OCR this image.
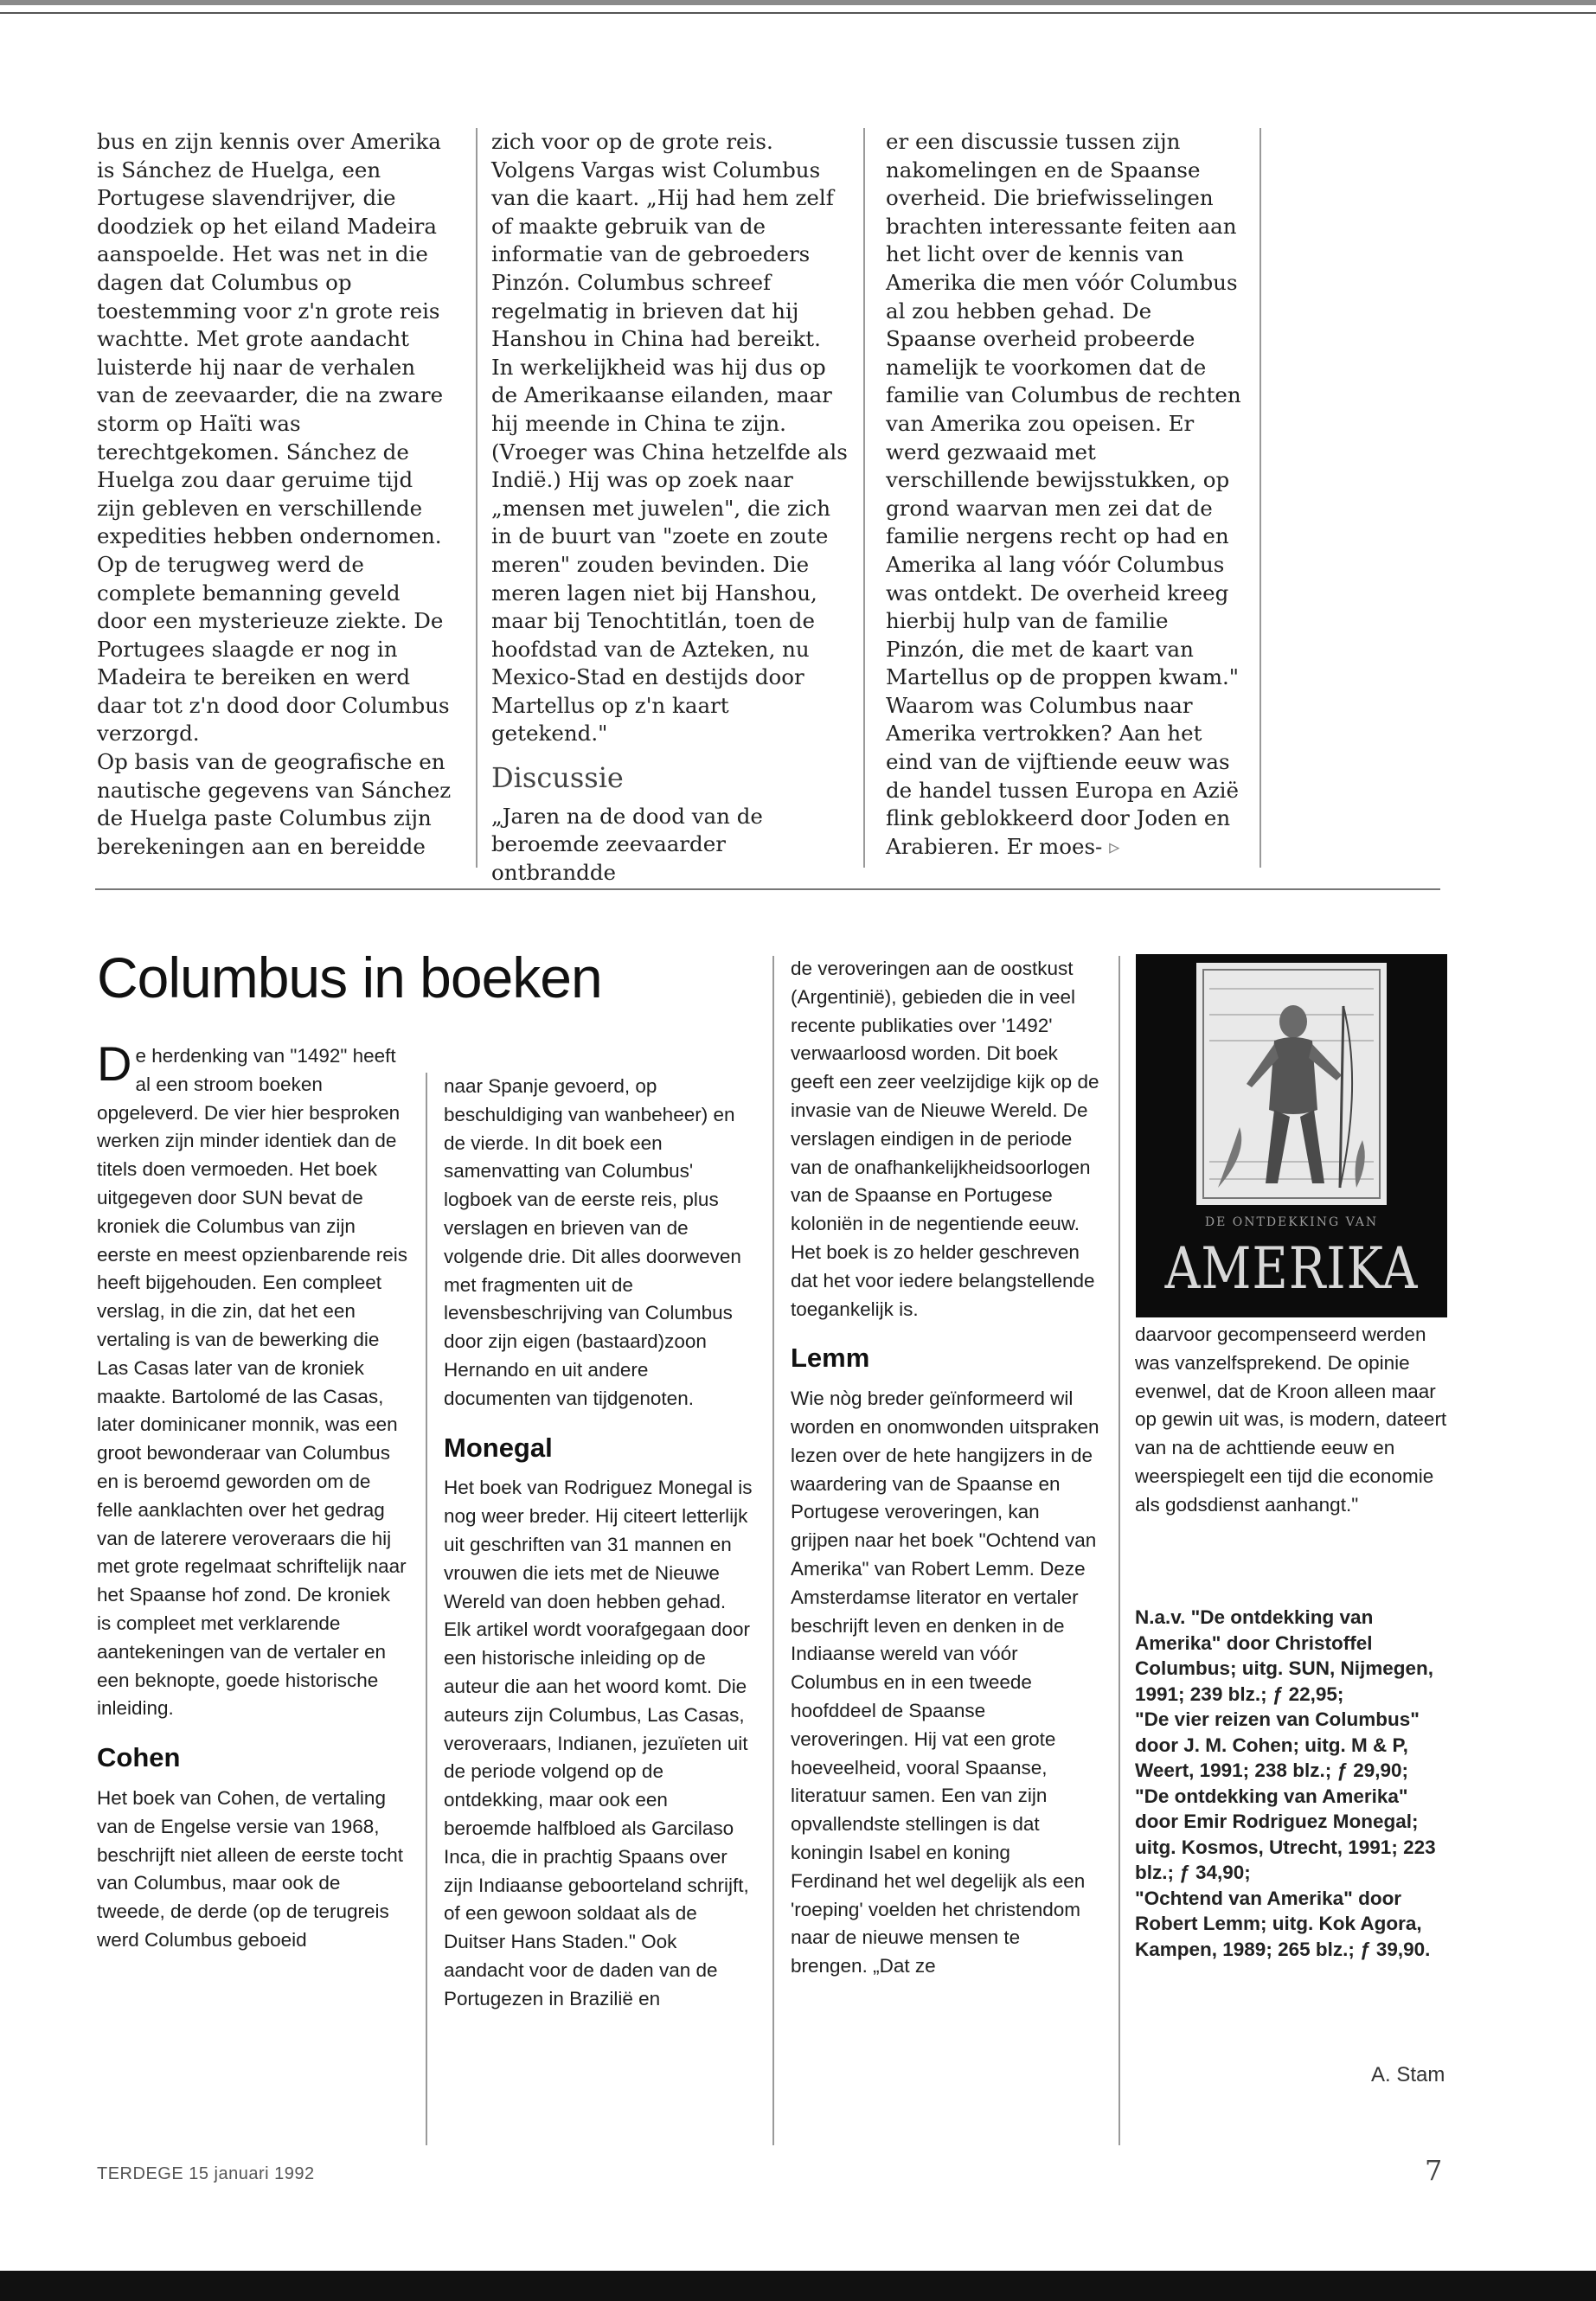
bus en zijn kennis over Amerika is Sánchez de Huelga, een Portugese slavendrijver, die doodziek op het eiland Madeira aanspoelde. Het was net in die dagen dat Columbus op toestemming voor z'n grote reis wachtte. Met grote aandacht luisterde hij naar de verhalen van de zeevaarder, die na zware storm op Haïti was terechtgekomen. Sánchez de Huelga zou daar geruime tijd zijn gebleven en verschillende expedities hebben ondernomen. Op de terugweg werd de complete bemanning geveld door een mysterieuze ziekte. De Portugees slaagde er nog in Madeira te bereiken en werd daar tot z'n dood door Columbus verzorgd.

Op basis van de geografische en nautische gegevens van Sánchez de Huelga paste Columbus zijn berekeningen aan en bereidde

zich voor op de grote reis. Volgens Vargas wist Columbus van die kaart. „Hij had hem zelf of maakte gebruik van de informatie van de gebroeders Pinzón. Columbus schreef regelmatig in brieven dat hij Hanshou in China had bereikt. In werkelijkheid was hij dus op de Amerikaanse eilanden, maar hij meende in China te zijn. (Vroeger was China hetzelfde als Indië.) Hij was op zoek naar „mensen met juwelen", die zich in de buurt van "zoete en zoute meren" zouden bevinden. Die meren lagen niet bij Hanshou, maar bij Tenochtitlán, toen de hoofdstad van de Azteken, nu Mexico-Stad en destijds door Martellus op z'n kaart getekend."

Discussie

„Jaren na de dood van de beroemde zeevaarder ontbrandde

er een discussie tussen zijn nakomelingen en de Spaanse overheid. Die briefwisselingen brachten interessante feiten aan het licht over de kennis van Amerika die men vóór Columbus al zou hebben gehad. De Spaanse overheid probeerde namelijk te voorkomen dat de familie van Columbus de rechten van Amerika zou opeisen. Er werd gezwaaid met verschillende bewijsstukken, op grond waarvan men zei dat de familie nergens recht op had en Amerika al lang vóór Columbus was ontdekt. De overheid kreeg hierbij hulp van de familie Pinzón, die met de kaart van Martellus op de proppen kwam."

Waarom was Columbus naar Amerika vertrokken? Aan het eind van de vijftiende eeuw was de handel tussen Europa en Azië flink geblokkeerd door Joden en Arabieren. Er moes- ▹

Columbus in boeken

De herdenking van "1492" heeft al een stroom boeken opgeleverd. De vier hier besproken werken zijn minder identiek dan de titels doen vermoeden. Het boek uitgegeven door SUN bevat de kroniek die Columbus van zijn eerste en meest opzienbarende reis heeft bijgehouden. Een compleet verslag, in die zin, dat het een vertaling is van de bewerking die Las Casas later van de kroniek maakte. Bartolomé de las Casas, later dominicaner monnik, was een groot bewonderaar van Columbus en is beroemd geworden om de felle aanklachten over het gedrag van de laterere veroveraars die hij met grote regelmaat schriftelijk naar het Spaanse hof zond. De kroniek is compleet met verklarende aantekeningen van de vertaler en een beknopte, goede historische inleiding.

Cohen

Het boek van Cohen, de vertaling van de Engelse versie van 1968, beschrijft niet alleen de eerste tocht van Columbus, maar ook de tweede, de derde (op de terugreis werd Columbus geboeid

naar Spanje gevoerd, op beschuldiging van wanbeheer) en de vierde. In dit boek een samenvatting van Columbus' logboek van de eerste reis, plus verslagen en brieven van de volgende drie. Dit alles doorweven met fragmenten uit de levensbeschrijving van Columbus door zijn eigen (bastaard)zoon Hernando en uit andere documenten van tijdgenoten.

Monegal

Het boek van Rodriguez Monegal is nog weer breder. Hij citeert letterlijk uit geschriften van 31 mannen en vrouwen die iets met de Nieuwe Wereld van doen hebben gehad. Elk artikel wordt voorafgegaan door een historische inleiding op de auteur die aan het woord komt. Die auteurs zijn Columbus, Las Casas, veroveraars, Indianen, jezuïeten uit de periode volgend op de ontdekking, maar ook een beroemde halfbloed als Garcilaso Inca, die in prachtig Spaans over zijn Indiaanse geboorteland schrijft, of een gewoon soldaat als de Duitser Hans Staden." Ook aandacht voor de daden van de Portugezen in Brazilië en

de veroveringen aan de oostkust (Argentinië), gebieden die in veel recente publikaties over '1492' verwaarloosd worden. Dit boek geeft een zeer veelzijdige kijk op de invasie van de Nieuwe Wereld. De verslagen eindigen in de periode van de onafhankelijkheidsoorlogen van de Spaanse en Portugese koloniën in de negentiende eeuw. Het boek is zo helder geschreven dat het voor iedere belangstellende toegankelijk is.

Lemm

Wie nòg breder geïnformeerd wil worden en onomwonden uitspraken lezen over de hete hangijzers in de waardering van de Spaanse en Portugese veroveringen, kan grijpen naar het boek "Ochtend van Amerika" van Robert Lemm. Deze Amsterdamse literator en vertaler beschrijft leven en denken in de Indiaanse wereld van vóór Columbus en in een tweede hoofddeel de Spaanse veroveringen. Hij vat een grote hoeveelheid, vooral Spaanse, literatuur samen. Een van zijn opvallendste stellingen is dat koningin Isabel en koning Ferdinand het wel degelijk als een 'roeping' voelden het christendom naar de nieuwe mensen te brengen. „Dat ze

DE ONTDEKKING VAN
AMERIKA

daarvoor gecompenseerd werden was vanzelfsprekend. De opinie evenwel, dat de Kroon alleen maar op gewin uit was, is modern, dateert van na de achttiende eeuw en weerspiegelt een tijd die economie als godsdienst aanhangt."

N.a.v. "De ontdekking van Amerika" door Christoffel Columbus; uitg. SUN, Nijmegen, 1991; 239 blz.; ƒ 22,95;

"De vier reizen van Columbus" door J. M. Cohen; uitg. M & P, Weert, 1991; 238 blz.; ƒ 29,90;

"De ontdekking van Amerika" door Emir Rodriguez Monegal; uitg. Kosmos, Utrecht, 1991; 223 blz.; ƒ 34,90;

"Ochtend van Amerika" door Robert Lemm; uitg. Kok Agora, Kampen, 1989; 265 blz.; ƒ 39,90.

A. Stam
TERDEGE 15 januari 1992	7
